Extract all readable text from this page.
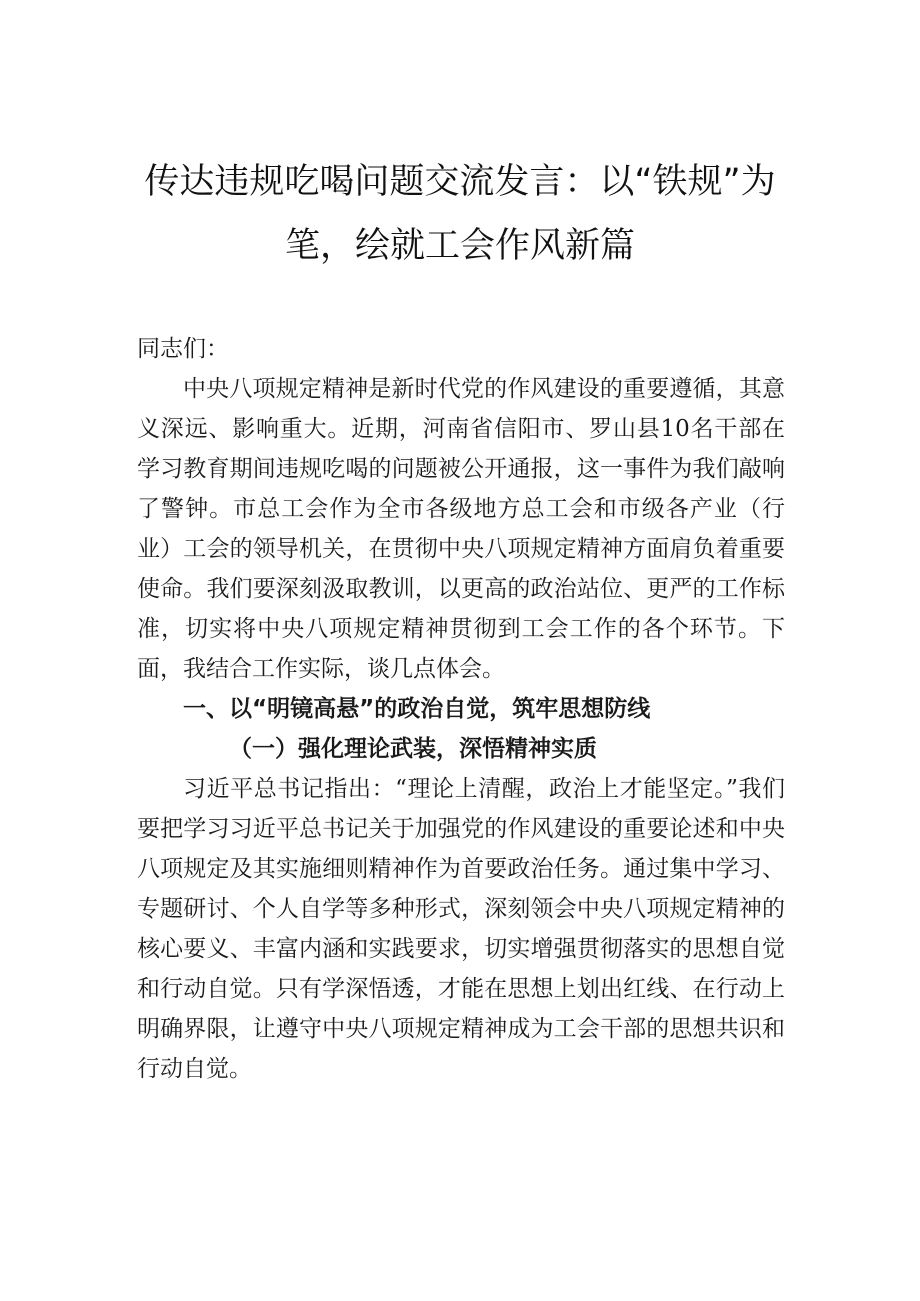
传达违规吃喝问题交流发言：以“铁规”为笔，绘就工会作风新篇

同志们：

中央八项规定精神是新时代党的作风建设的重要遵循，其意义深远、影响重大。近期，河南省信阳市、罗山县10名干部在学习教育期间违规吃喝的问题被公开通报，这一事件为我们敲响了警钟。市总工会作为全市各级地方总工会和市级各产业（行业）工会的领导机关，在贯彻中央八项规定精神方面肩负着重要使命。我们要深刻汲取教训，以更高的政治站位、更严的工作标准，切实将中央八项规定精神贯彻到工会工作的各个环节。下面，我结合工作实际，谈几点体会。

一、以“明镜高悬”的政治自觉，筑牢思想防线

（一）强化理论武装，深悟精神实质

习近平总书记指出：“理论上清醒，政治上才能坚定。”我们要把学习习近平总书记关于加强党的作风建设的重要论述和中央八项规定及其实施细则精神作为首要政治任务。通过集中学习、专题研讨、个人自学等多种形式，深刻领会中央八项规定精神的核心要义、丰富内涵和实践要求，切实增强贯彻落实的思想自觉和行动自觉。只有学深悟透，才能在思想上划出红线、在行动上明确界限，让遵守中央八项规定精神成为工会干部的思想共识和行动自觉。
